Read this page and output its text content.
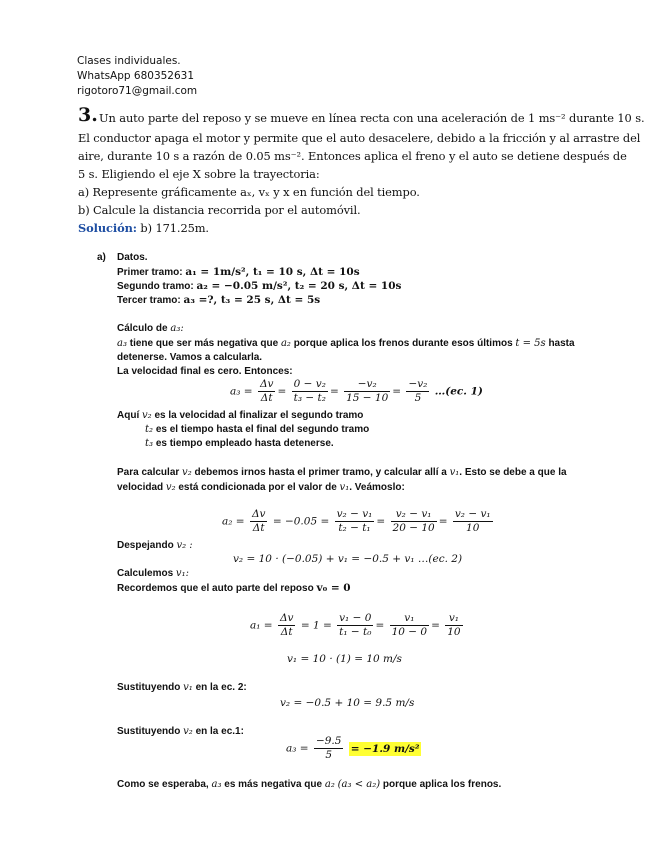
Clases individuales.
WhatsApp 680352631
rigotoro71@gmail.com
3. Un auto parte del reposo y se mueve en línea recta con una aceleración de 1 ms⁻² durante 10 s.
El conductor apaga el motor y permite que el auto desacelere, debido a la fricción y al arrastre del
aire, durante 10 s a razón de 0.05 ms⁻². Entonces aplica el freno y el auto se detiene después de
5 s. Eligiendo el eje X sobre la trayectoria:
a) Represente gráficamente aₓ, vₓ y x en función del tiempo.
b) Calcule la distancia recorrida por el automóvil.
Solución: b) 171.25m.
a) Datos.
Primer tramo: a₁ = 1m/s², t₁ = 10 s, Δt = 10s
Segundo tramo: a₂ = −0.05 m/s², t₂ = 20 s, Δt = 10s
Tercer tramo: a₃ =?, t₃ = 25 s, Δt = 5s
Cálculo de a₃:
a₃ tiene que ser más negativa que a₂ porque aplica los frenos durante esos últimos t = 5s hasta
detenerse. Vamos a calcularla.
La velocidad final es cero. Entonces:
$a_3 = \frac{\Delta v}{\Delta t} = \frac{\text{0 − v₂}}{\text{t₃ − t₂}} = \frac{\text{−v₂}}{15 - 10} = \frac{\text{−v₂}}{5}$ …(ec. 1)
Aquí v₂ es la velocidad al finalizar el segundo tramo
t₂ es el tiempo hasta el final del segundo tramo
t₃ es tiempo empleado hasta detenerse.
Para calcular v₂ debemos irnos hasta el primer tramo, y calcular allí a v₁. Esto se debe a que la
velocidad v₂ está condicionada por el valor de v₁. Veámoslo:
$a_2 = \frac{\Delta v}{\Delta t} = -0.05 = \frac{\text{v₂ − v₁}}{\text{t₂ − t₁}} = \frac{\text{v₂ − v₁}}{20 - 10} = \frac{\text{v₂ − v₁}}{10}$
Despejando v₂ :
v₂ = 10 · (−0.05) + v₁ = −0.5 + v₁ …(ec. 2)
Calculemos v₁:
Recordemos que el auto parte del reposo v₀ = 0
$a_1 = \frac{\Delta v}{\Delta t} = 1 = \frac{\text{v₁ − 0}}{\text{t₁ − t₀}} = \frac{\text{v₁}}{10 - 0} = \frac{\text{v₁}}{10}$
v₁ = 10 · (1) = 10 m/s
Sustituyendo v₁ en la ec. 2:
v₂ = −0.5 + 10 = 9.5 m/s
Sustituyendo v₂ en la ec.1:
$a_3 = \frac{-9.5}{5} = -1.9$ m/s²
Como se esperaba, a₃ es más negativa que a₂ (a₃ < a₂) porque aplica los frenos.
